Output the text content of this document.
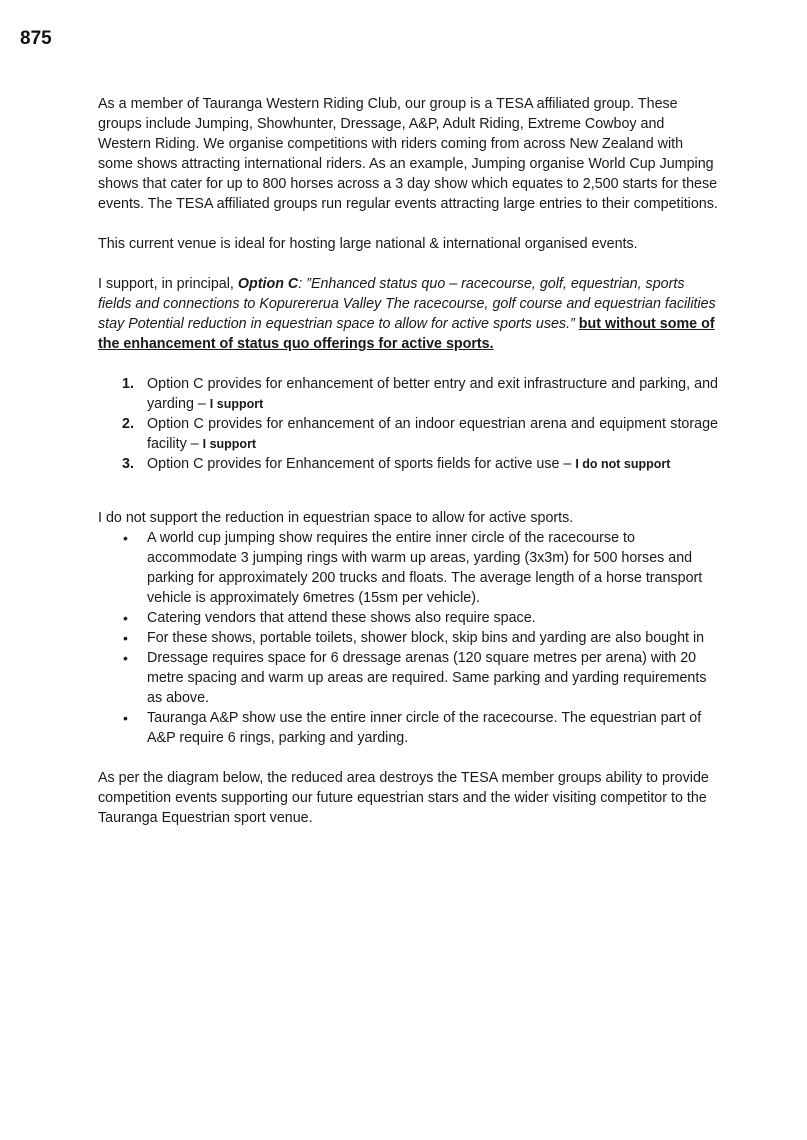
875

As a member of Tauranga Western Riding Club, our group is a TESA affiliated group. These groups include Jumping, Showhunter, Dressage, A&P, Adult Riding, Extreme Cowboy and Western Riding. We organise competitions with riders coming from across New Zealand with some shows attracting international riders. As an example, Jumping organise World Cup Jumping shows that cater for up to 800 horses across a 3 day show which equates to 2,500 starts for these events. The TESA affiliated groups run regular events attracting large entries to their competitions.

This current venue is ideal for hosting large national & international organised events.

I support, in principal, Option C: ”Enhanced status quo – racecourse, golf, equestrian, sports fields and connections to Kopurererua Valley The racecourse, golf course and equestrian facilities stay Potential reduction in equestrian space to allow for active sports uses.” but without some of the enhancement of status quo offerings for active sports.

1. Option C provides for enhancement of better entry and exit infrastructure and parking, and yarding – I support
2. Option C provides for enhancement of an indoor equestrian arena and equipment storage facility – I support
3. Option C provides for Enhancement of sports fields for active use – I do not support

I do not support the reduction in equestrian space to allow for active sports.

• A world cup jumping show requires the entire inner circle of the racecourse to accommodate 3 jumping rings with warm up areas, yarding (3x3m) for 500 horses and parking for approximately 200 trucks and floats. The average length of a horse transport vehicle is approximately 6metres (15sm per vehicle).
• Catering vendors that attend these shows also require space.
• For these shows, portable toilets, shower block, skip bins and yarding are also bought in
• Dressage requires space for 6 dressage arenas (120 square metres per arena) with 20 metre spacing and warm up areas are required. Same parking and yarding requirements as above.
• Tauranga A&P show use the entire inner circle of the racecourse. The equestrian part of A&P require 6 rings, parking and yarding.

As per the diagram below, the reduced area destroys the TESA member groups ability to provide competition events supporting our future equestrian stars and the wider visiting competitor to the Tauranga Equestrian sport venue.
